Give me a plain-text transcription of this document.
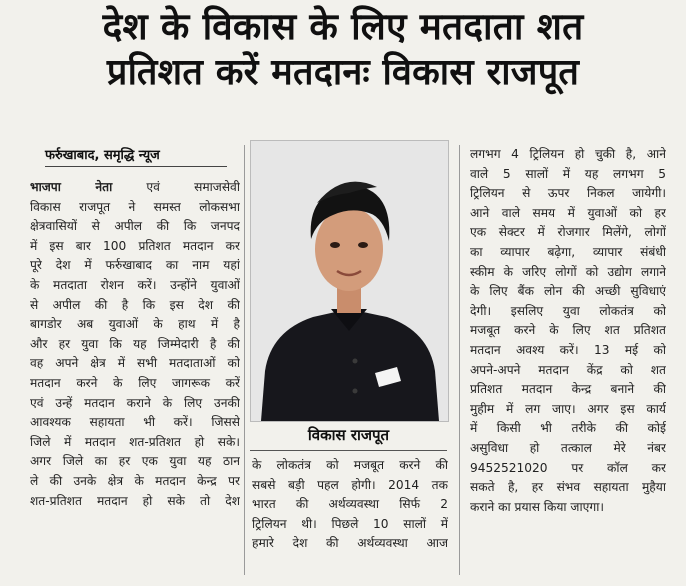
देश के विकास के लिए मतदाता शत
प्रतिशत करें मतदानः विकास राजपूत
फर्रुखाबाद, समृद्धि न्यूज
भाजपा नेता एवं समाजसेवी
विकास राजपूत ने समस्त लोकसभा
क्षेत्रवासियों से अपील की कि जनपद
में इस बार 100 प्रतिशत मतदान कर
पूरे देश में फर्रुखाबाद का नाम यहां
के मतदाता रोशन करें। उन्होंने युवाओं
से अपील की है कि इस देश की
बागडोर अब युवाओं के हाथ में है
और हर युवा कि यह जिम्मेदारी है की
वह अपने क्षेत्र में सभी मतदाताओं को
मतदान करने के लिए जागरूक करें
एवं उन्हें मतदान कराने के लिए उनकी
आवश्यक सहायता भी करें। जिससे
जिले में मतदान शत-प्रतिशत हो सके।
अगर जिले का हर एक युवा यह ठान
ले की उनके क्षेत्र के मतदान केन्द्र पर
शत-प्रतिशत मतदान हो सके तो देश
विकास राजपूत
के लोकतंत्र को मजबूत करने की
सबसे बड़ी पहल होगी। 2014 तक
भारत की अर्थव्यवस्था सिर्फ 2
ट्रिलियन थी। पिछले 10 सालों में
हमारे देश की अर्थव्यवस्था आज
लगभग 4 ट्रिलियन हो चुकी है, आने
वाले 5 सालों में यह लगभग 5
ट्रिलियन से ऊपर निकल जायेगी।
आने वाले समय में युवाओं को हर
एक सेक्टर में रोजगार मिलेंगे, लोगों
का व्यापार बढ़ेगा, व्यापार संबंधी
स्कीम के जरिए लोगों को उद्योग लगाने
के लिए बैंक लोन की अच्छी सुविधाएं
देगी। इसलिए युवा लोकतंत्र को
मजबूत करने के लिए शत प्रतिशत
मतदान अवश्य करें। 13 मई को
अपने-अपने मतदान केंद्र को शत
प्रतिशत मतदान केन्द्र बनाने की
मुहीम में लग जाए। अगर इस कार्य
में किसी भी तरीके की कोई
असुविधा हो तत्काल मेरे नंबर
9452521020 पर कॉल कर
सकते है, हर संभव सहायता मुहैया
कराने का प्रयास किया जाएगा।
